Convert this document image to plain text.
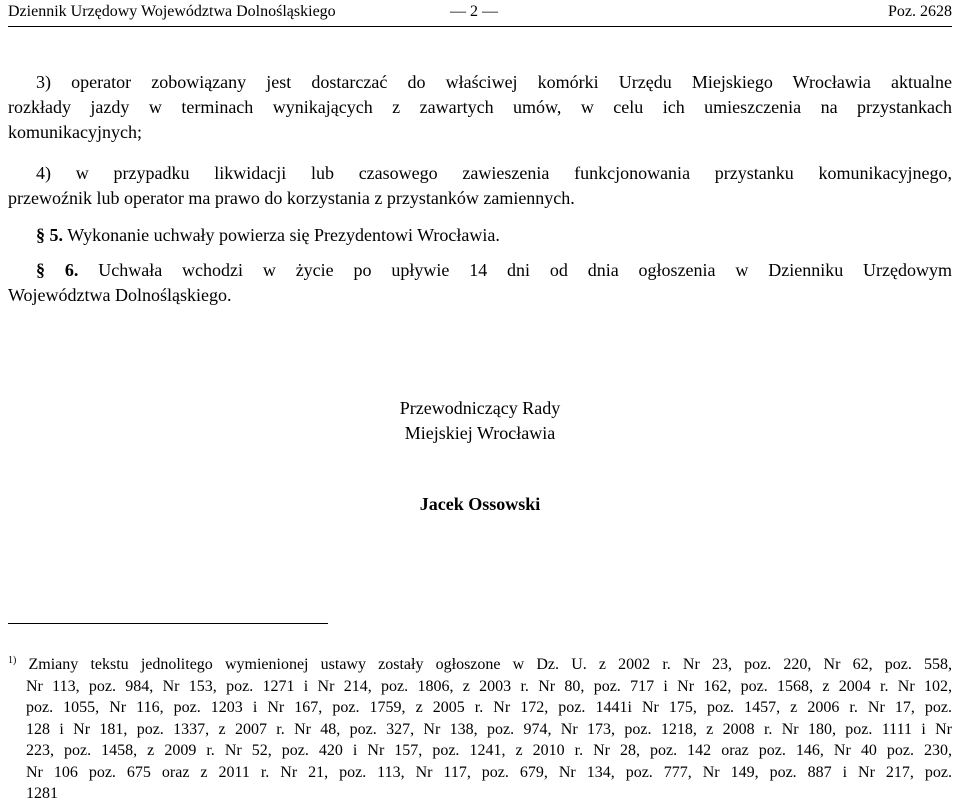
Dziennik Urzędowy Województwa Dolnośląskiego	— 2 —	Poz. 2628
3) operator zobowiązany jest dostarczać do właściwej komórki Urzędu Miejskiego Wrocławia aktualne
rozkłady jazdy w terminach wynikających z zawartych umów, w celu ich umieszczenia na przystankach
komunikacyjnych;
4) w przypadku likwidacji lub czasowego zawieszenia funkcjonowania przystanku komunikacyjnego,
przewoźnik lub operator ma prawo do korzystania z przystanków zamiennych.
§ 5. Wykonanie uchwały powierza się Prezydentowi Wrocławia.
§ 6. Uchwała wchodzi w życie po upływie 14 dni od dnia ogłoszenia w Dzienniku Urzędowym
Województwa Dolnośląskiego.
Przewodniczący Rady
Miejskiej Wrocławia
Jacek Ossowski
$^{1)}$ Zmiany tekstu jednolitego wymienionej ustawy zostały ogłoszone w Dz. U. z 2002 r. Nr 23, poz. 220, Nr 62, poz. 558,
Nr 113, poz. 984, Nr 153, poz. 1271 i Nr 214, poz. 1806, z 2003 r. Nr 80, poz. 717 i Nr 162, poz. 1568, z 2004 r. Nr 102,
poz. 1055, Nr 116, poz. 1203 i Nr 167, poz. 1759, z 2005 r. Nr 172, poz. 1441i Nr 175, poz. 1457, z 2006 r. Nr 17, poz.
128 i Nr 181, poz. 1337, z 2007 r. Nr 48, poz. 327, Nr 138, poz. 974, Nr 173, poz. 1218, z 2008 r. Nr 180, poz. 1111 i Nr
223, poz. 1458, z 2009 r. Nr 52, poz. 420 i Nr 157, poz. 1241, z 2010 r. Nr 28, poz. 142 oraz poz. 146, Nr 40 poz. 230,
Nr 106 poz. 675 oraz z 2011 r. Nr 21, poz. 113, Nr 117, poz. 679, Nr 134, poz. 777, Nr 149, poz. 887 i Nr 217, poz.
1281
